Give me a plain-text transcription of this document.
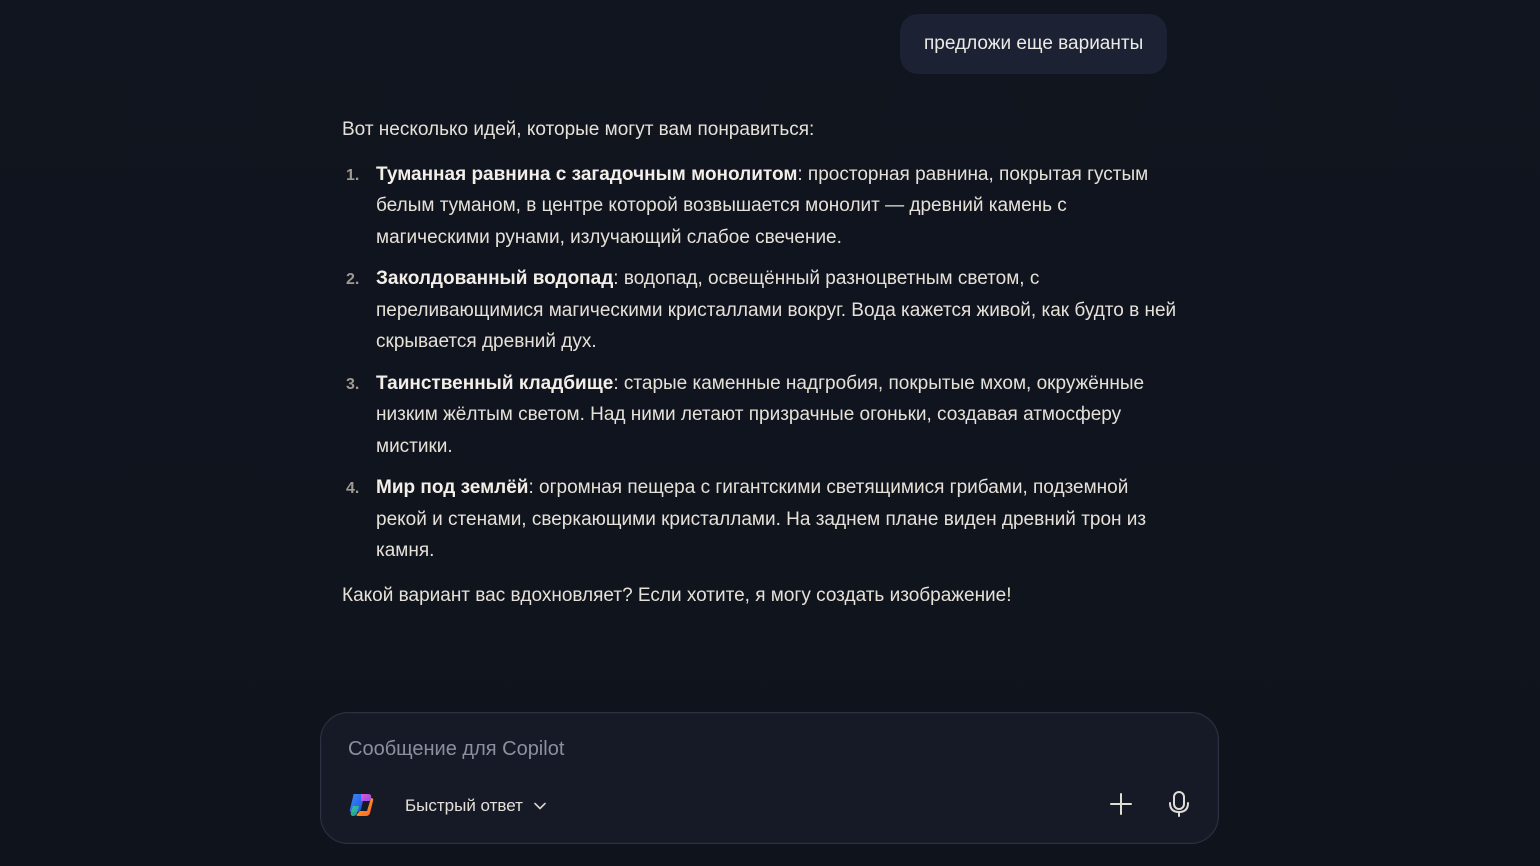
предложи еще варианты

Вот несколько идей, которые могут вам понравиться:

1. Туманная равнина с загадочным монолитом: просторная равнина, покрытая густым белым туманом, в центре которой возвышается монолит — древний камень с магическими рунами, излучающий слабое свечение.
2. Заколдованный водопад: водопад, освещённый разноцветным светом, с переливающимися магическими кристаллами вокруг. Вода кажется живой, как будто в ней скрывается древний дух.
3. Таинственный кладбище: старые каменные надгробия, покрытые мхом, окружённые низким жёлтым светом. Над ними летают призрачные огоньки, создавая атмосферу мистики.
4. Мир под землёй: огромная пещера с гигантскими светящимися грибами, подземной рекой и стенами, сверкающими кристаллами. На заднем плане виден древний трон из камня.

Какой вариант вас вдохновляет? Если хотите, я могу создать изображение!

Сообщение для Copilot
Быстрый ответ
